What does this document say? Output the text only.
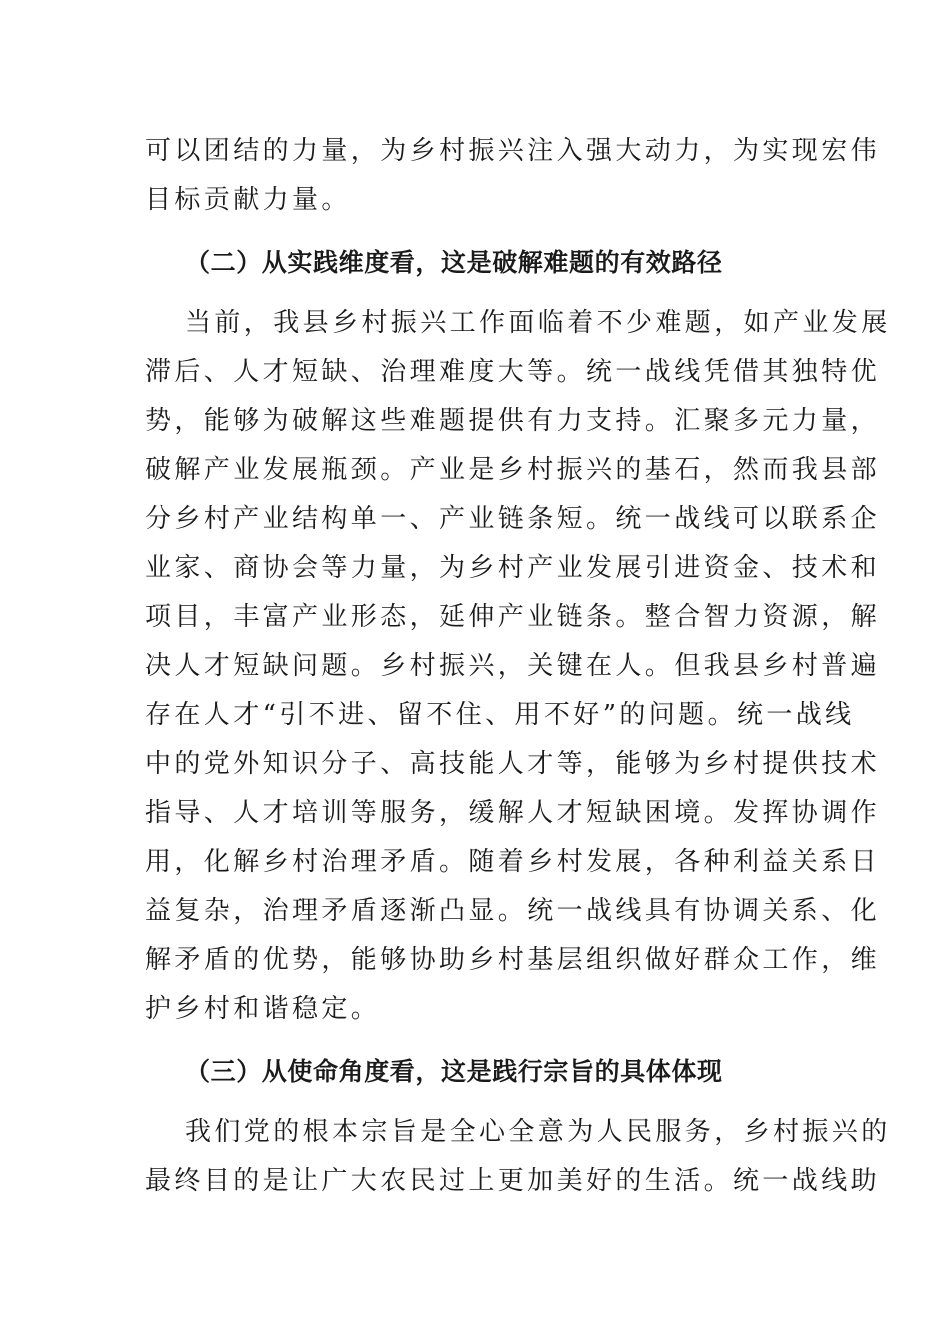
可以团结的力量，为乡村振兴注入强大动力，为实现宏伟
目标贡献力量。
（二）从实践维度看，这是破解难题的有效路径
当前，我县乡村振兴工作面临着不少难题，如产业发展
滞后、人才短缺、治理难度大等。统一战线凭借其独特优
势，能够为破解这些难题提供有力支持。汇聚多元力量，
破解产业发展瓶颈。产业是乡村振兴的基石，然而我县部
分乡村产业结构单一、产业链条短。统一战线可以联系企
业家、商协会等力量，为乡村产业发展引进资金、技术和
项目，丰富产业形态，延伸产业链条。整合智力资源，解
决人才短缺问题。乡村振兴，关键在人。但我县乡村普遍
存在人才“引不进、留不住、用不好”的问题。统一战线
中的党外知识分子、高技能人才等，能够为乡村提供技术
指导、人才培训等服务，缓解人才短缺困境。发挥协调作
用，化解乡村治理矛盾。随着乡村发展，各种利益关系日
益复杂，治理矛盾逐渐凸显。统一战线具有协调关系、化
解矛盾的优势，能够协助乡村基层组织做好群众工作，维
护乡村和谐稳定。
（三）从使命角度看，这是践行宗旨的具体体现
我们党的根本宗旨是全心全意为人民服务，乡村振兴的
最终目的是让广大农民过上更加美好的生活。统一战线助
